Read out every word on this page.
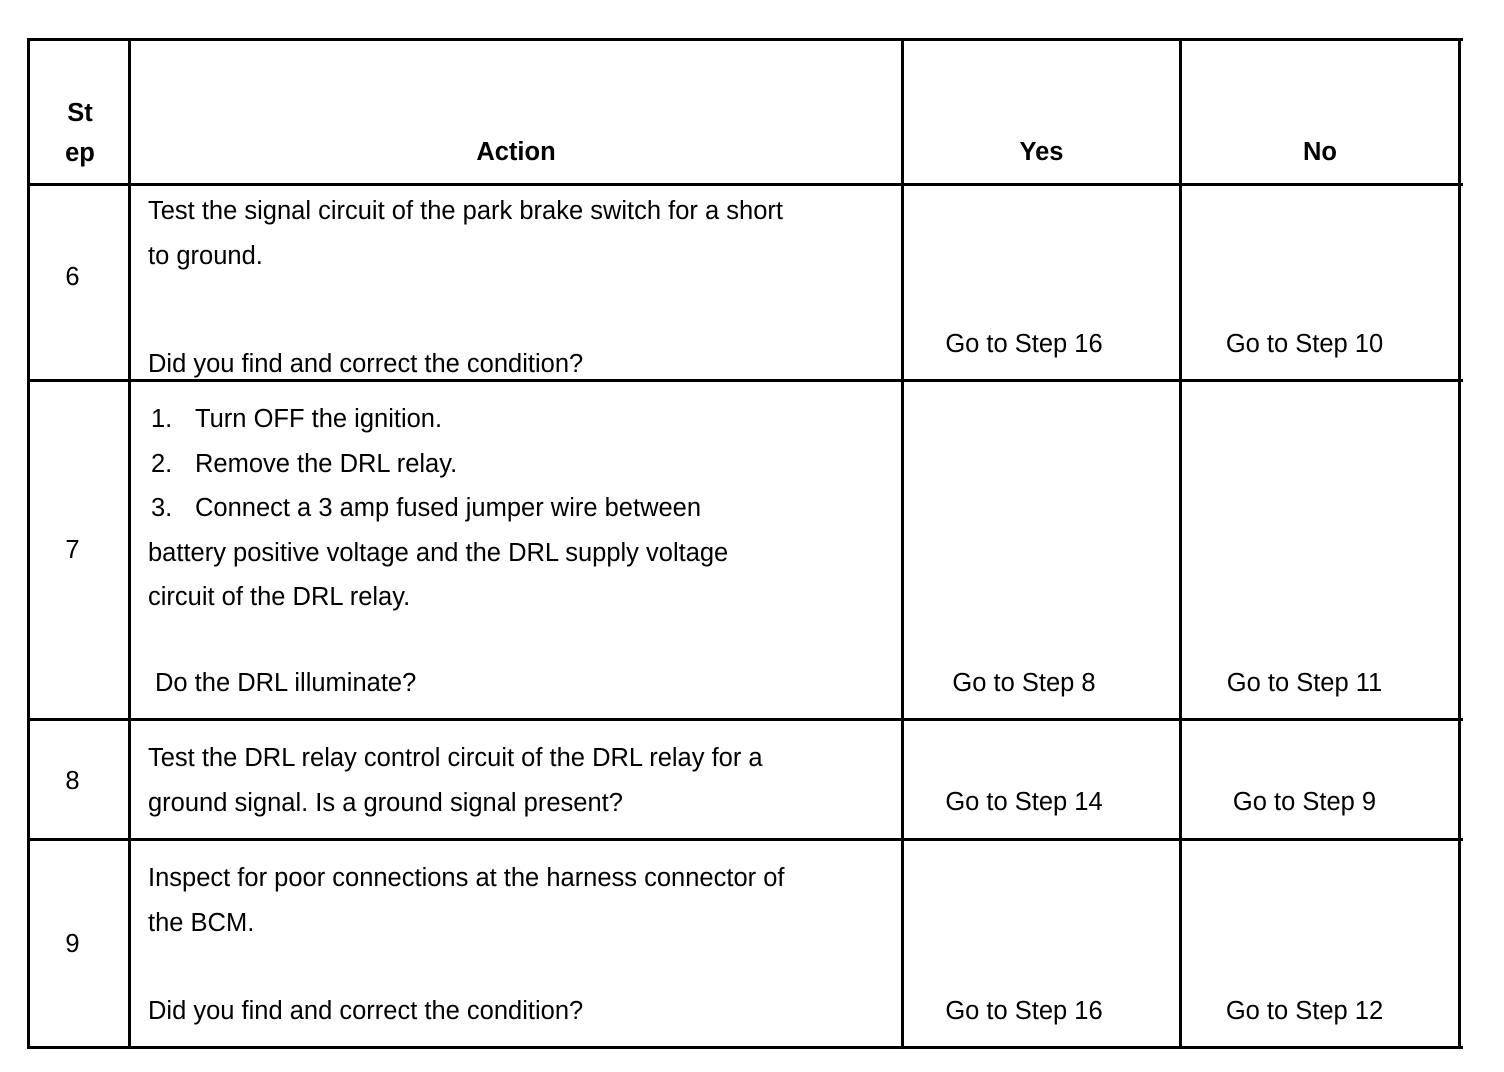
St
ep	Action	Yes	No
6
Test the signal circuit of the park brake switch for a short
to ground.
Did you find and correct the condition?
Go to Step 16	Go to Step 10
7
1. Turn OFF the ignition.
2. Remove the DRL relay.
3. Connect a 3 amp fused jumper wire between
battery positive voltage and the DRL supply voltage
circuit of the DRL relay.
Do the DRL illuminate?	Go to Step 8	Go to Step 11
8
Test the DRL relay control circuit of the DRL relay for a
ground signal. Is a ground signal present?	Go to Step 14	Go to Step 9
9
Inspect for poor connections at the harness connector of
the BCM.
Did you find and correct the condition?	Go to Step 16	Go to Step 12
